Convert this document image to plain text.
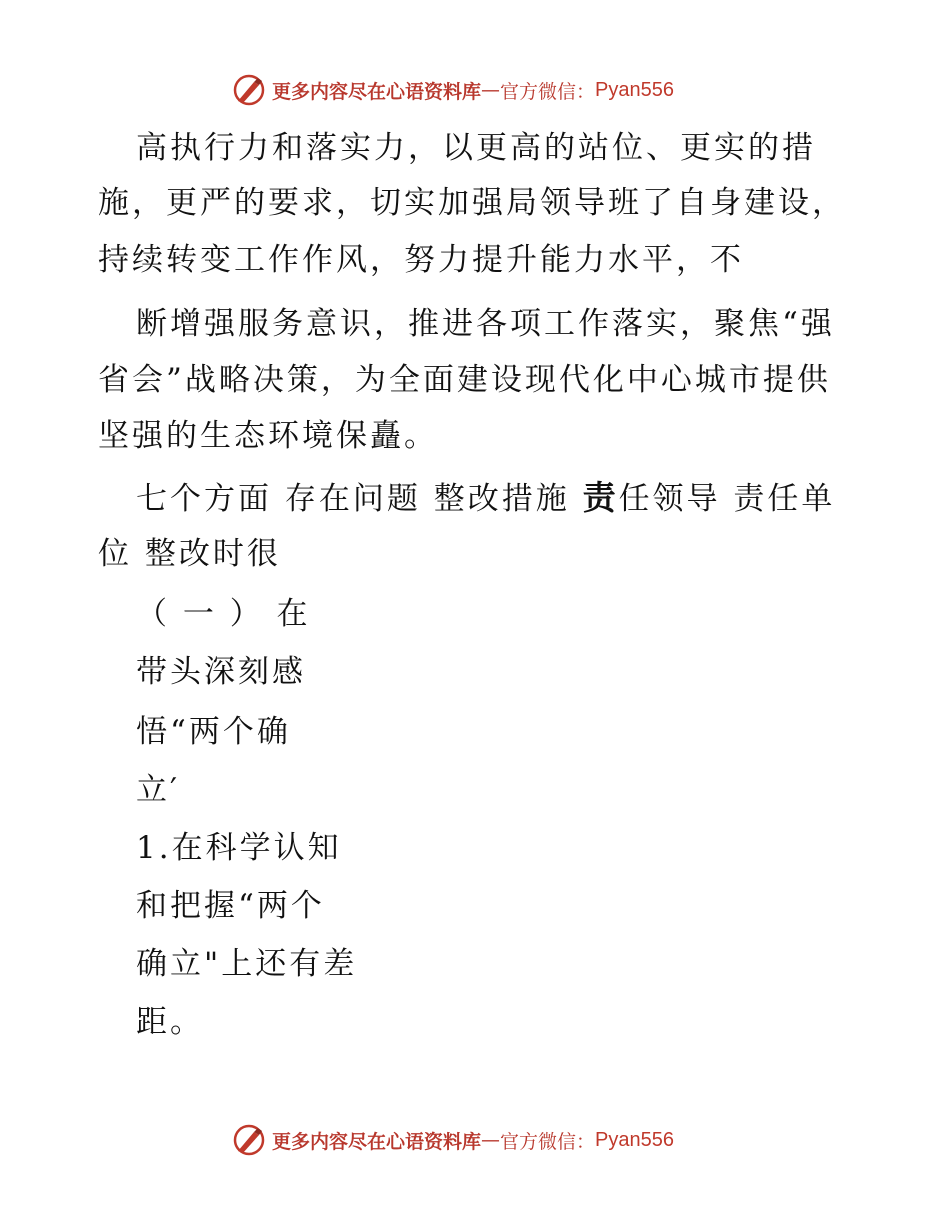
更多内容尽在心语资料库 — 官方微信： Pyan556
高执行力和落实力，以更高的站位、更实的措
施，更严的要求，切实加强局领导班了自身建设，
持续转变工作作风，努力提升能力水平，不
断增强服务意识，推进各项工作落实，聚焦“强
省会”战略决策，为全面建设现代化中心城市提供
坚强的生态环境保矗。
七个方面 存在问题 整改措施 责任领导 责任单
位 整改时很
（ 一 ） 在
带头深刻感
悟“两个确
立′
1.在科学认知
和把握“两个
确立"上还有差
距。
更多内容尽在心语资料库 — 官方微信： Pyan556
